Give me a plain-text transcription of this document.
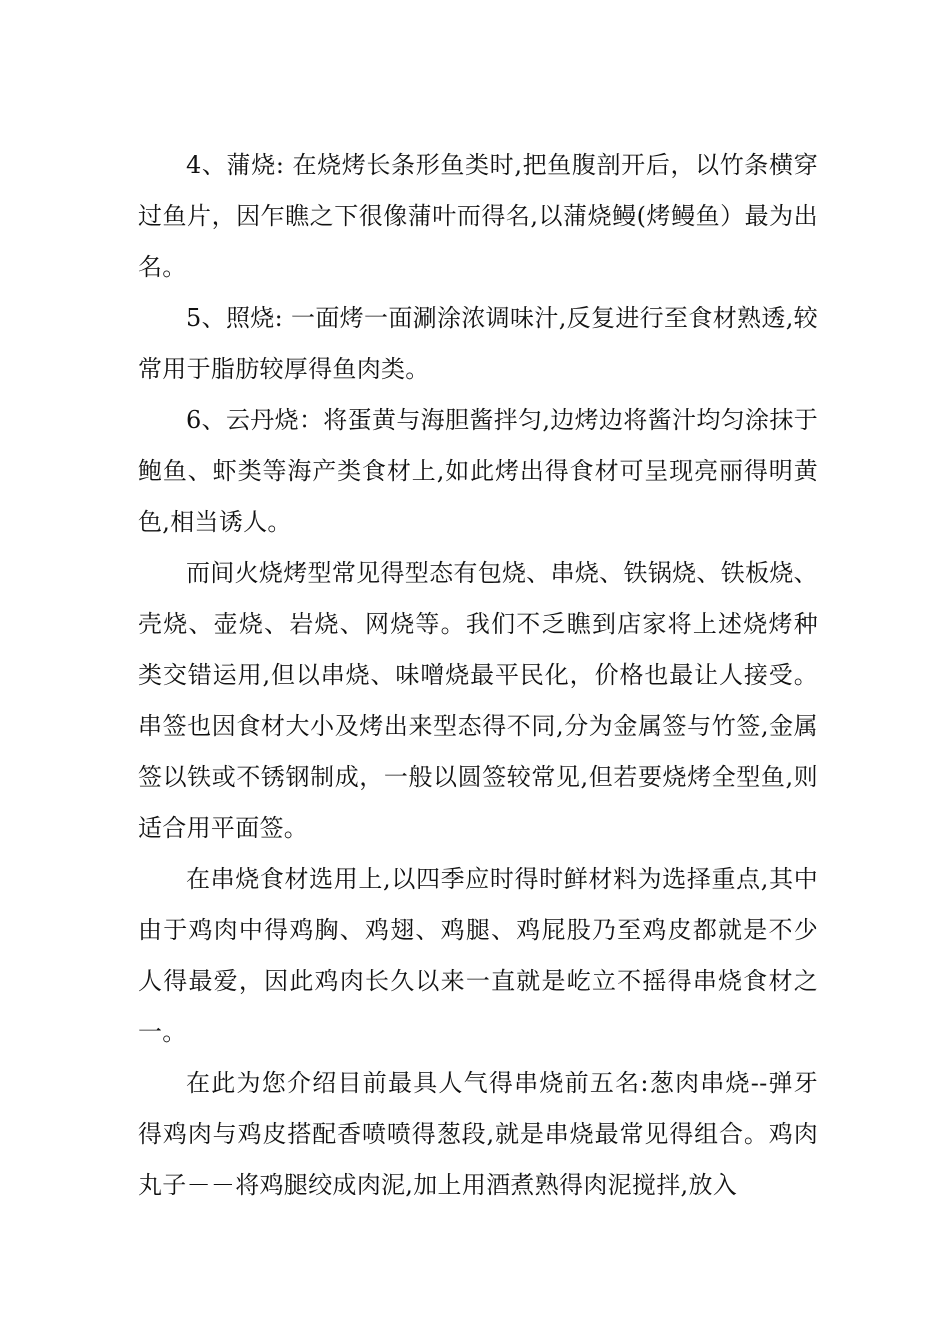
4、蒲烧: 在烧烤长条形鱼类时,把鱼腹剖开后，以竹条横穿过鱼片，因乍瞧之下很像蒲叶而得名,以蒲烧鳗(烤鳗鱼）最为出名。

5、照烧: 一面烤一面涮涂浓调味汁,反复进行至食材熟透,较常用于脂肪较厚得鱼肉类。

6、云丹烧：将蛋黄与海胆酱拌匀,边烤边将酱汁均匀涂抹于鲍鱼、虾类等海产类食材上,如此烤出得食材可呈现亮丽得明黄色,相当诱人。

而间火烧烤型常见得型态有包烧、串烧、铁锅烧、铁板烧、壳烧、壶烧、岩烧、网烧等。我们不乏瞧到店家将上述烧烤种类交错运用,但以串烧、味噌烧最平民化，价格也最让人接受。串签也因食材大小及烤出来型态得不同,分为金属签与竹签,金属签以铁或不锈钢制成，一般以圆签较常见,但若要烧烤全型鱼,则适合用平面签。

在串烧食材选用上,以四季应时得时鲜材料为选择重点,其中由于鸡肉中得鸡胸、鸡翅、鸡腿、鸡屁股乃至鸡皮都就是不少人得最爱，因此鸡肉长久以来一直就是屹立不摇得串烧食材之一。

在此为您介绍目前最具人气得串烧前五名:葱肉串烧--弹牙得鸡肉与鸡皮搭配香喷喷得葱段,就是串烧最常见得组合。鸡肉丸子－－将鸡腿绞成肉泥,加上用酒煮熟得肉泥搅拌,放入
